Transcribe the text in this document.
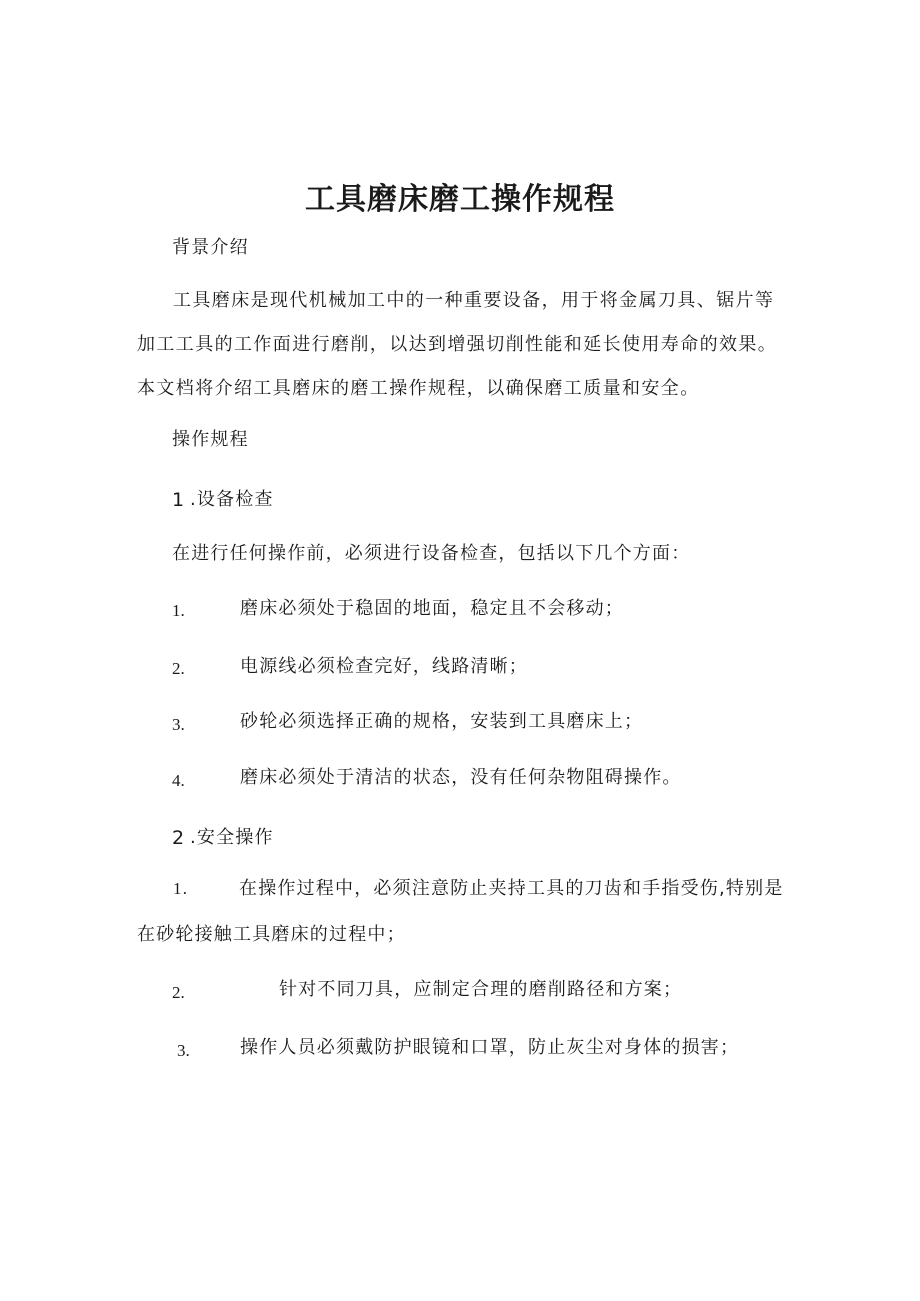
工具磨床磨工操作规程
背景介绍
工具磨床是现代机械加工中的一种重要设备，用于将金属刀具、锯片等加工工具的工作面进行磨削，以达到增强切削性能和延长使用寿命的效果。本文档将介绍工具磨床的磨工操作规程，以确保磨工质量和安全。
操作规程
1 .设备检查
在进行任何操作前，必须进行设备检查，包括以下几个方面：
1.	磨床必须处于稳固的地面，稳定且不会移动；
2.	电源线必须检查完好，线路清晰；
3.	砂轮必须选择正确的规格，安装到工具磨床上；
4.	磨床必须处于清洁的状态，没有任何杂物阻碍操作。
2 .安全操作
1.	在操作过程中，必须注意防止夹持工具的刀齿和手指受伤,特别是在砂轮接触工具磨床的过程中；
2.	针对不同刀具，应制定合理的磨削路径和方案；
3.	操作人员必须戴防护眼镜和口罩，防止灰尘对身体的损害；
